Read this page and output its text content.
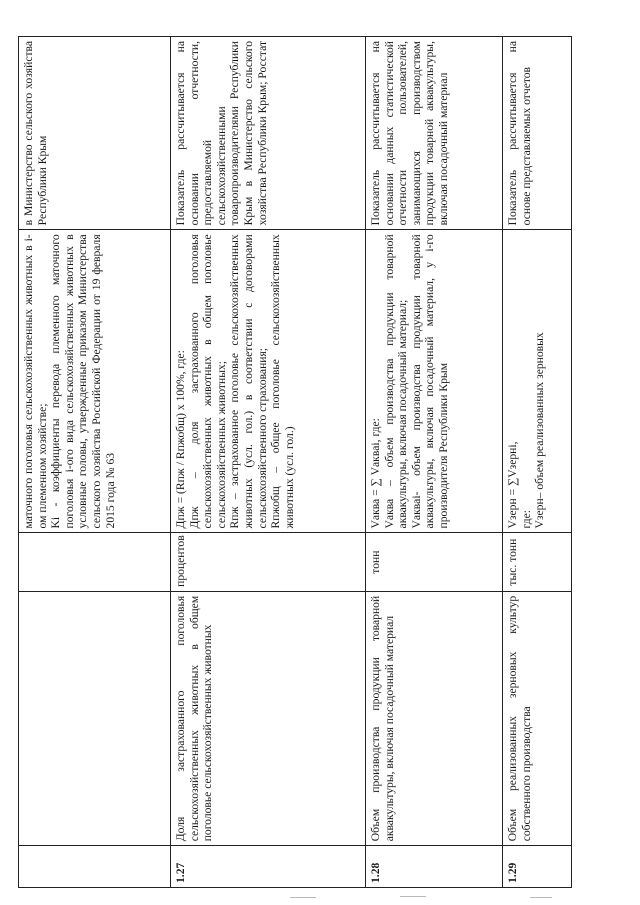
			маточного поголовья сельскохозяйственных животных в i-ом племенном хозяйстве; Ki - коэффициенты перевода племенного маточного поголовья i-ого вида сельскохозяйственных животных в условные головы, утвержденные приказом Министерства сельского хозяйства Российской Федерации от 19 февраля 2015 года № 63	в Министерство сельского хозяйства Республики Крым
1.27	Доля застрахованного поголовья сельскохозяйственных животных в общем поголовье сельскохозяйственных животных	процентов	Дпж = (Rпж / Rпжобщ) х 100%, где: Дпж – доля застрахованного поголовья сельскохозяйственных животных в общем поголовье сельскохозяйственных животных; Rпж – застрахованное поголовье сельскохозяйственных животных (усл. гол.) в соответствии с договорами сельскохозяйственного страхования; Rпжобщ – общее поголовье сельскохозяйственных животных (усл. гол.)	Показатель рассчитывается на основании отчетности, предоставляемой сельскохозяйственными товаропроизводителями Республики Крым в Министерство сельского хозяйства Республики Крым; Росстат
1.28	Объем производства продукции товарной аквакультуры, включая посадочный материал	тонн	Vаква = ∑ Vаквai, где: Vаква – объем производства продукции товарной аквакультуры, включая посадочный материал; Vаквai- объем производства продукции товарной аквакультуры, включая посадочный материал, у i-го производителя Республики Крым	Показатель рассчитывается на основании данных статистической отчетности пользователей, занимающихся производством продукции товарной аквакультуры, включая посадочный материал
1.29	Объем реализованных зерновых культур собственного производства	тыс. тонн	Vзерн = ∑Vзернi, где: Vзерн– объем реализованных зерновых	Показатель рассчитывается на основе представляемых отчетов
